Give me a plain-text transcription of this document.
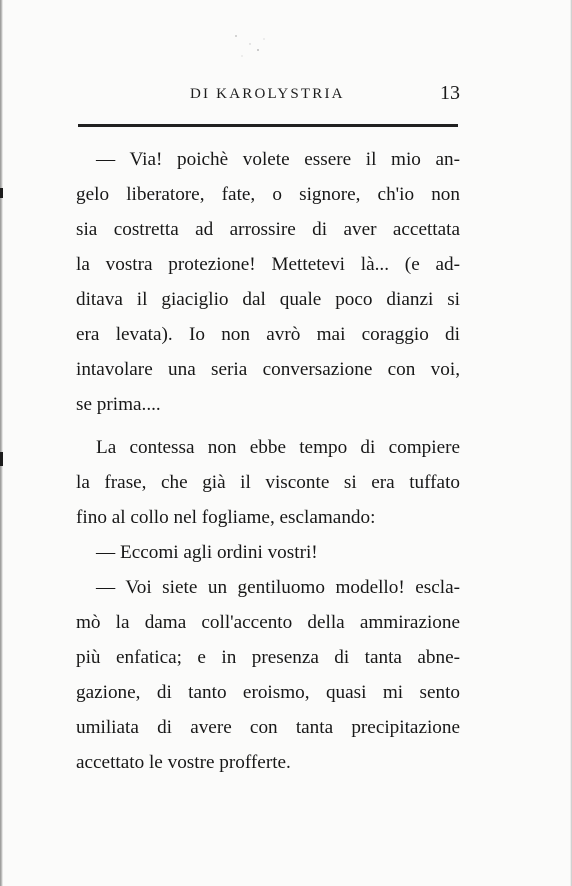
DI KAROLYSTRIA	13
— Via! poichè volete essere il mio an-
gelo liberatore, fate, o signore, ch'io non
sia costretta ad arrossire di aver accettata
la vostra protezione! Mettetevi là... (e ad-
ditava il giaciglio dal quale poco dianzi si
era levata). Io non avrò mai coraggio di
intavolare una seria conversazione con voi,
se prima....
La contessa non ebbe tempo di compiere
la frase, che già il visconte si era tuffato
fino al collo nel fogliame, esclamando:
— Eccomi agli ordini vostri!
— Voi siete un gentiluomo modello! escla-
mò la dama coll'accento della ammirazione
più enfatica; e in presenza di tanta abne-
gazione, di tanto eroismo, quasi mi sento
umiliata di avere con tanta precipitazione
accettato le vostre profferte.
